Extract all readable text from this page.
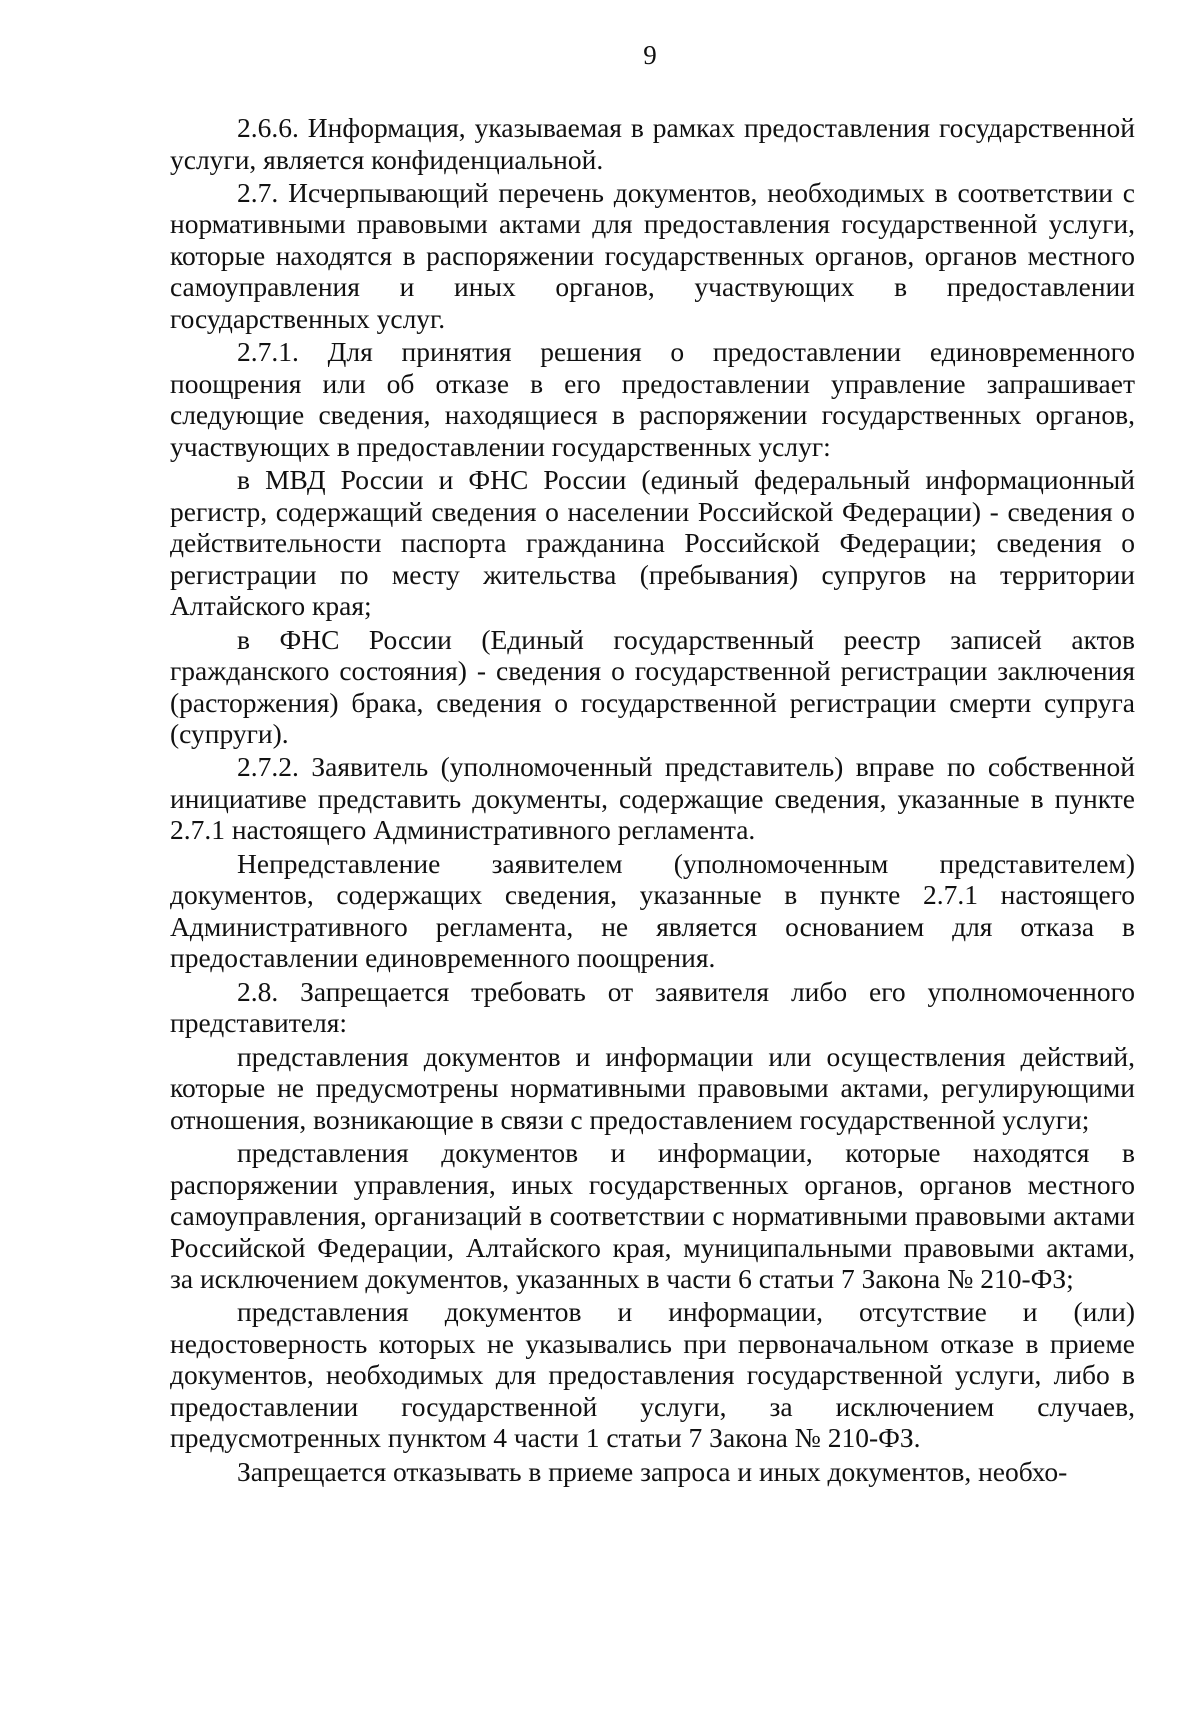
9

2.6.6. Информация, указываемая в рамках предоставления государственной услуги, является конфиденциальной.

2.7. Исчерпывающий перечень документов, необходимых в соответствии с нормативными правовыми актами для предоставления государственной услуги, которые находятся в распоряжении государственных органов, органов местного самоуправления и иных органов, участвующих в предоставлении государственных услуг.

2.7.1. Для принятия решения о предоставлении единовременного поощрения или об отказе в его предоставлении управление запрашивает следующие сведения, находящиеся в распоряжении государственных органов, участвующих в предоставлении государственных услуг:

в МВД России и ФНС России (единый федеральный информационный регистр, содержащий сведения о населении Российской Федерации) - сведения о действительности паспорта гражданина Российской Федерации; сведения о регистрации по месту жительства (пребывания) супругов на территории Алтайского края;

в ФНС России (Единый государственный реестр записей актов гражданского состояния) - сведения о государственной регистрации заключения (расторжения) брака, сведения о государственной регистрации смерти супруга (супруги).

2.7.2. Заявитель (уполномоченный представитель) вправе по собственной инициативе представить документы, содержащие сведения, указанные в пункте 2.7.1 настоящего Административного регламента.

Непредставление заявителем (уполномоченным представителем) документов, содержащих сведения, указанные в пункте 2.7.1 настоящего Административного регламента, не является основанием для отказа в предоставлении единовременного поощрения.

2.8. Запрещается требовать от заявителя либо его уполномоченного представителя:

представления документов и информации или осуществления действий, которые не предусмотрены нормативными правовыми актами, регулирующими отношения, возникающие в связи с предоставлением государственной услуги;

представления документов и информации, которые находятся в распоряжении управления, иных государственных органов, органов местного самоуправления, организаций в соответствии с нормативными правовыми актами Российской Федерации, Алтайского края, муниципальными правовыми актами, за исключением документов, указанных в части 6 статьи 7 Закона № 210-ФЗ;

представления документов и информации, отсутствие и (или) недостоверность которых не указывались при первоначальном отказе в приеме документов, необходимых для предоставления государственной услуги, либо в предоставлении государственной услуги, за исключением случаев, предусмотренных пунктом 4 части 1 статьи 7 Закона № 210-ФЗ.

Запрещается отказывать в приеме запроса и иных документов, необхо-
